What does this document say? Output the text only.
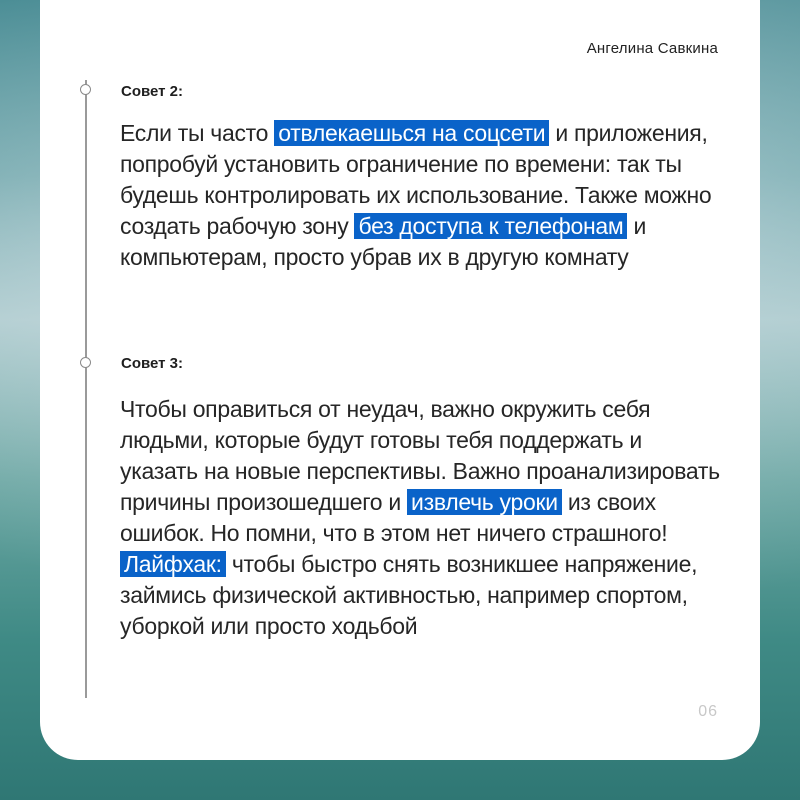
Ангелина Савкина
Совет 2:
Если ты часто отвлекаешься на соцсети и приложения, попробуй установить ограничение по времени: так ты будешь контролировать их использование. Также можно создать рабочую зону без доступа к телефонам и компьютерам, просто убрав их в другую комнату
Совет 3:
Чтобы оправиться от неудач, важно окружить себя людьми, которые будут готовы тебя поддержать и указать на новые перспективы. Важно проанализировать причины произошедшего и извлечь уроки из своих ошибок. Но помни, что в этом нет ничего страшного! Лайфхак: чтобы быстро снять возникшее напряжение, займись физической активностью, например спортом, уборкой или просто ходьбой
06
